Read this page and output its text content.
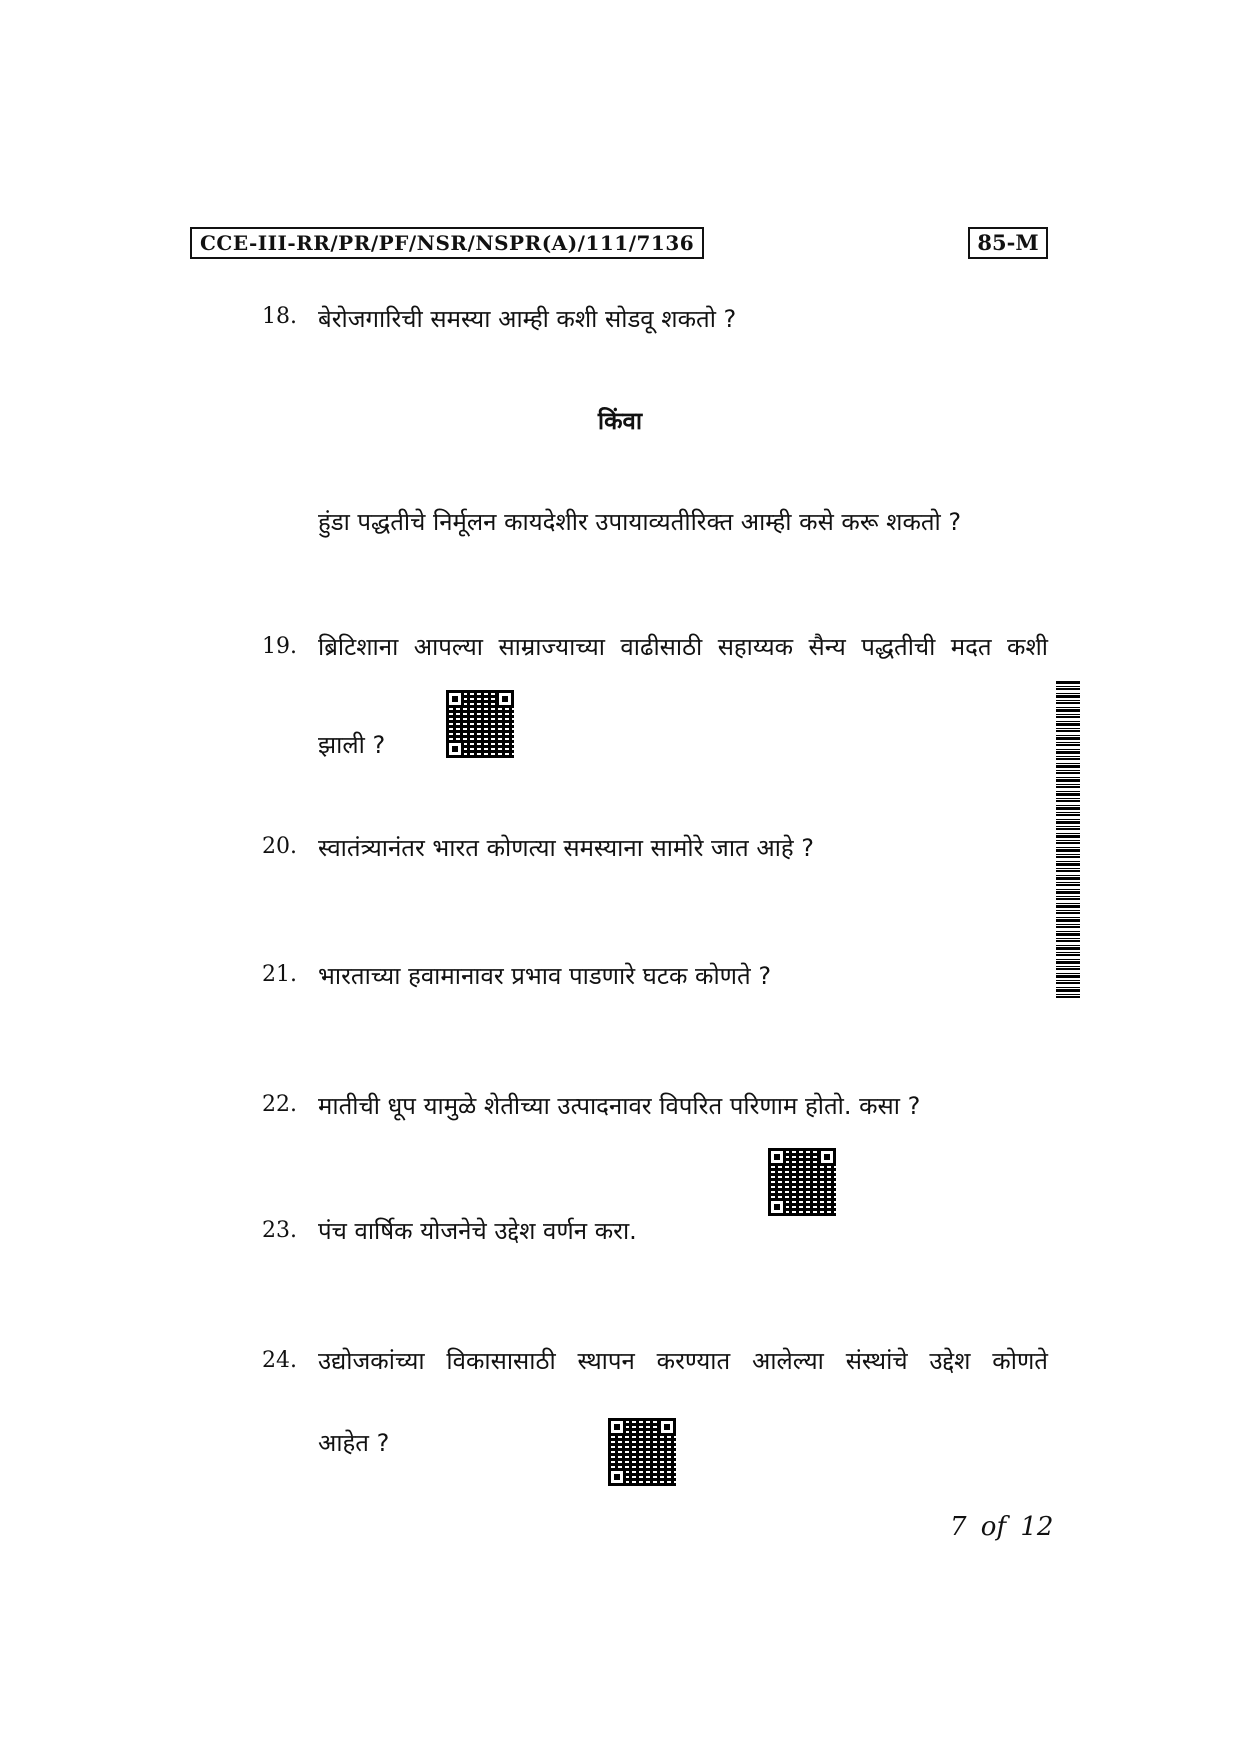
CCE-III-RR/PR/PF/NSR/NSPR(A)/111/7136	85-M
18. बेरोजगारिची समस्या आम्ही कशी सोडवू शकतो ?
किंवा
हुंडा पद्धतीचे निर्मूलन कायदेशीर उपायाव्यतीरिक्त आम्ही कसे करू शकतो ?
19. ब्रिटिशाना आपल्या साम्राज्याच्या वाढीसाठी सहाय्यक सैन्य पद्धतीची मदत कशी
झाली ?
20. स्वातंत्र्यानंतर भारत कोणत्या समस्याना सामोरे जात आहे ?
21. भारताच्या हवामानावर प्रभाव पाडणारे घटक कोणते ?
22. मातीची धूप यामुळे शेतीच्या उत्पादनावर विपरित परिणाम होतो. कसा ?
23. पंच वार्षिक योजनेचे उद्देश वर्णन करा.
24. उद्योजकांच्या विकासासाठी स्थापन करण्यात आलेल्या संस्थांचे उद्देश कोणते
आहेत ?
7 of 12
